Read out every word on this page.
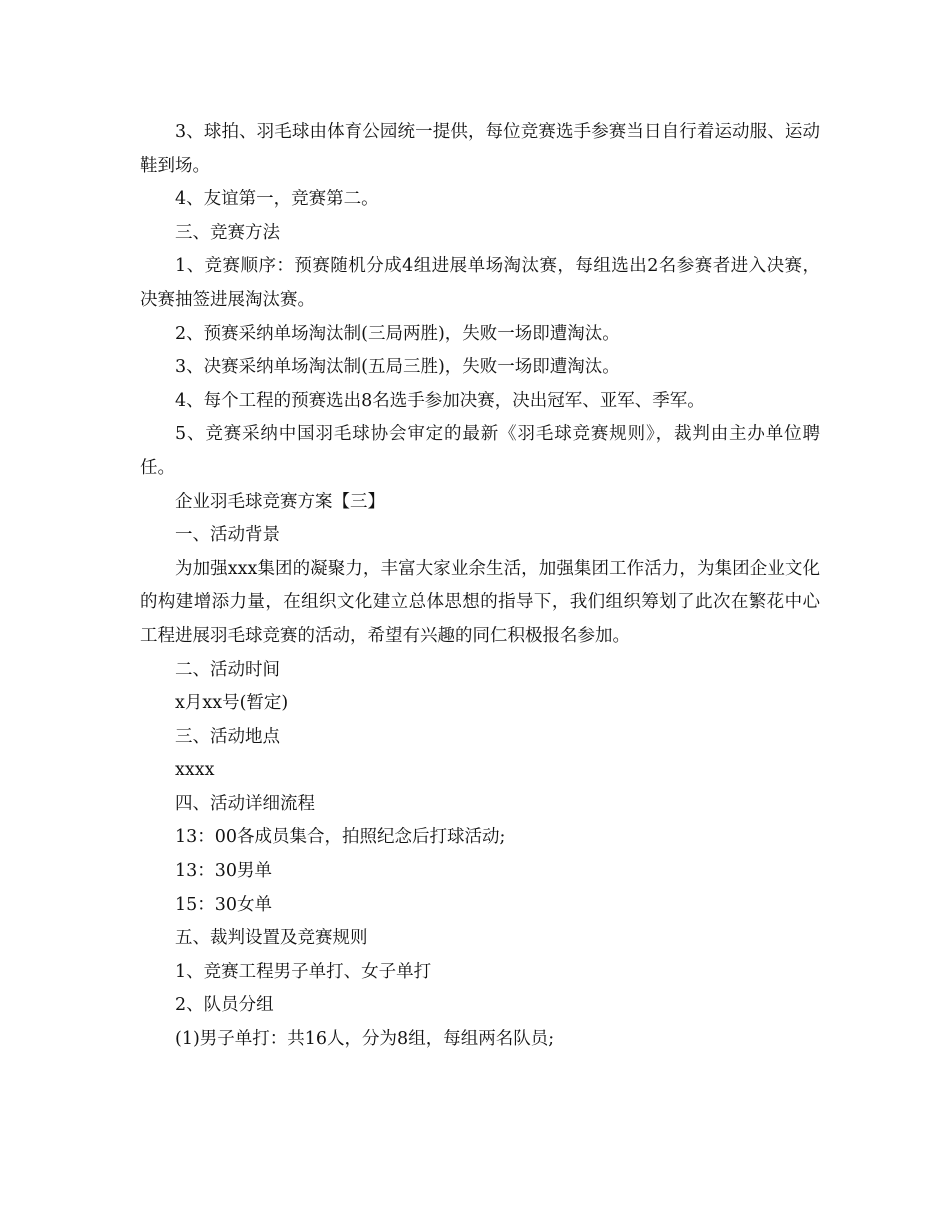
3、球拍、羽毛球由体育公园统一提供，每位竞赛选手参赛当日自行着运动服、运动鞋到场。

4、友谊第一，竞赛第二。

三、竞赛方法

1、竞赛顺序：预赛随机分成4组进展单场淘汰赛，每组选出2名参赛者进入决赛，决赛抽签进展淘汰赛。

2、预赛采纳单场淘汰制(三局两胜)，失败一场即遭淘汰。

3、决赛采纳单场淘汰制(五局三胜)，失败一场即遭淘汰。

4、每个工程的预赛选出8名选手参加决赛，决出冠军、亚军、季军。

5、竞赛采纳中国羽毛球协会审定的最新《羽毛球竞赛规则》，裁判由主办单位聘任。

企业羽毛球竞赛方案【三】

一、活动背景

为加强xxx集团的凝聚力，丰富大家业余生活，加强集团工作活力，为集团企业文化的构建增添力量，在组织文化建立总体思想的指导下，我们组织筹划了此次在繁花中心工程进展羽毛球竞赛的活动，希望有兴趣的同仁积极报名参加。

二、活动时间

x月xx号(暂定)

三、活动地点

xxxx

四、活动详细流程

13：00各成员集合，拍照纪念后打球活动;

13：30男单

15：30女单

五、裁判设置及竞赛规则

1、竞赛工程男子单打、女子单打

2、队员分组

(1)男子单打：共16人，分为8组，每组两名队员;
